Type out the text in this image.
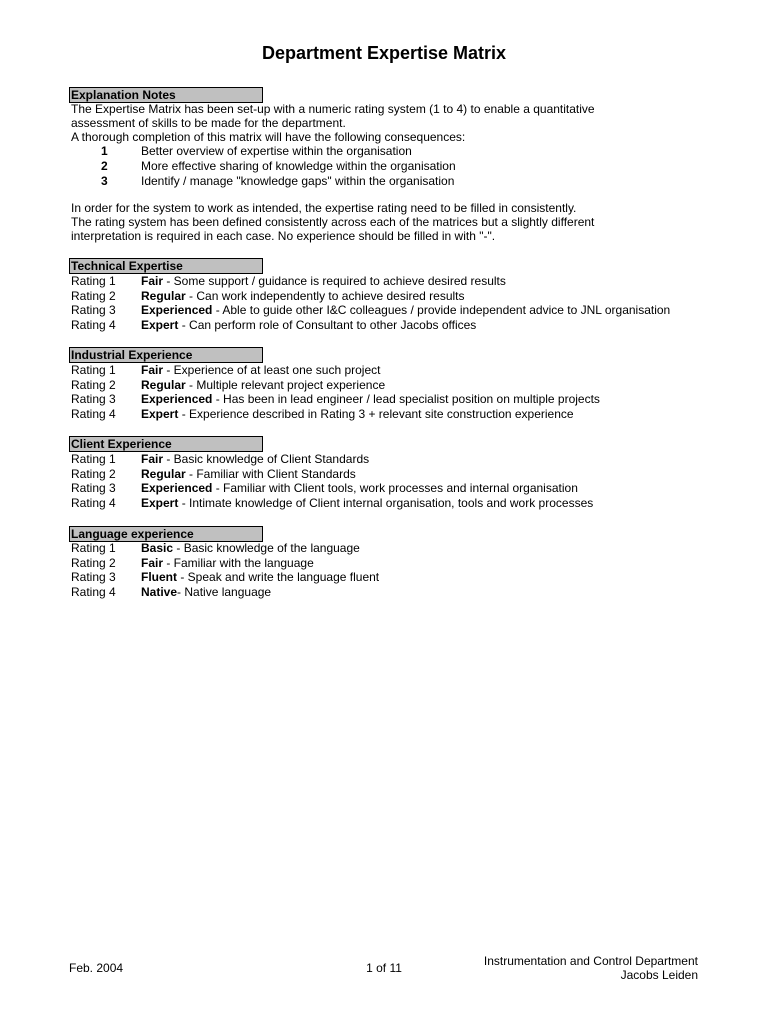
Department Expertise Matrix
Explanation Notes
The Expertise Matrix has been set-up with a numeric rating system (1 to 4) to enable a quantitative
assessment of skills to be made for the department.
A thorough completion of this matrix will have the following consequences:
1	Better overview of expertise within the organisation
2	More effective sharing of knowledge within the organisation
3	Identify / manage "knowledge gaps" within the organisation
In order for the system to work as intended, the expertise rating need to be filled in consistently.
The rating system has been defined consistently across each of the matrices but a slightly different
interpretation is required in each case. No experience should be filled in with "-".
Technical Expertise
Rating 1 Fair - Some support / guidance is required to achieve desired results
Rating 2 Regular - Can work independently to achieve desired results
Rating 3 Experienced - Able to guide other I&C colleagues / provide independent advice to JNL organisation
Rating 4 Expert - Can perform role of Consultant to other Jacobs offices
Industrial Experience
Rating 1 Fair - Experience of at least one such project
Rating 2 Regular - Multiple relevant project experience
Rating 3 Experienced - Has been in lead engineer / lead specialist position on multiple projects
Rating 4 Expert - Experience described in Rating 3 + relevant site construction experience
Client Experience
Rating 1 Fair - Basic knowledge of Client Standards
Rating 2 Regular - Familiar with Client Standards
Rating 3 Experienced - Familiar with Client tools, work processes and internal organisation
Rating 4 Expert - Intimate knowledge of Client internal organisation, tools and work processes
Language experience
Rating 1 Basic - Basic knowledge of the language
Rating 2 Fair - Familiar with the language
Rating 3 Fluent - Speak and write the language fluent
Rating 4 Native- Native language
Feb. 2004	1 of 11	Instrumentation and Control Department
Jacobs Leiden
